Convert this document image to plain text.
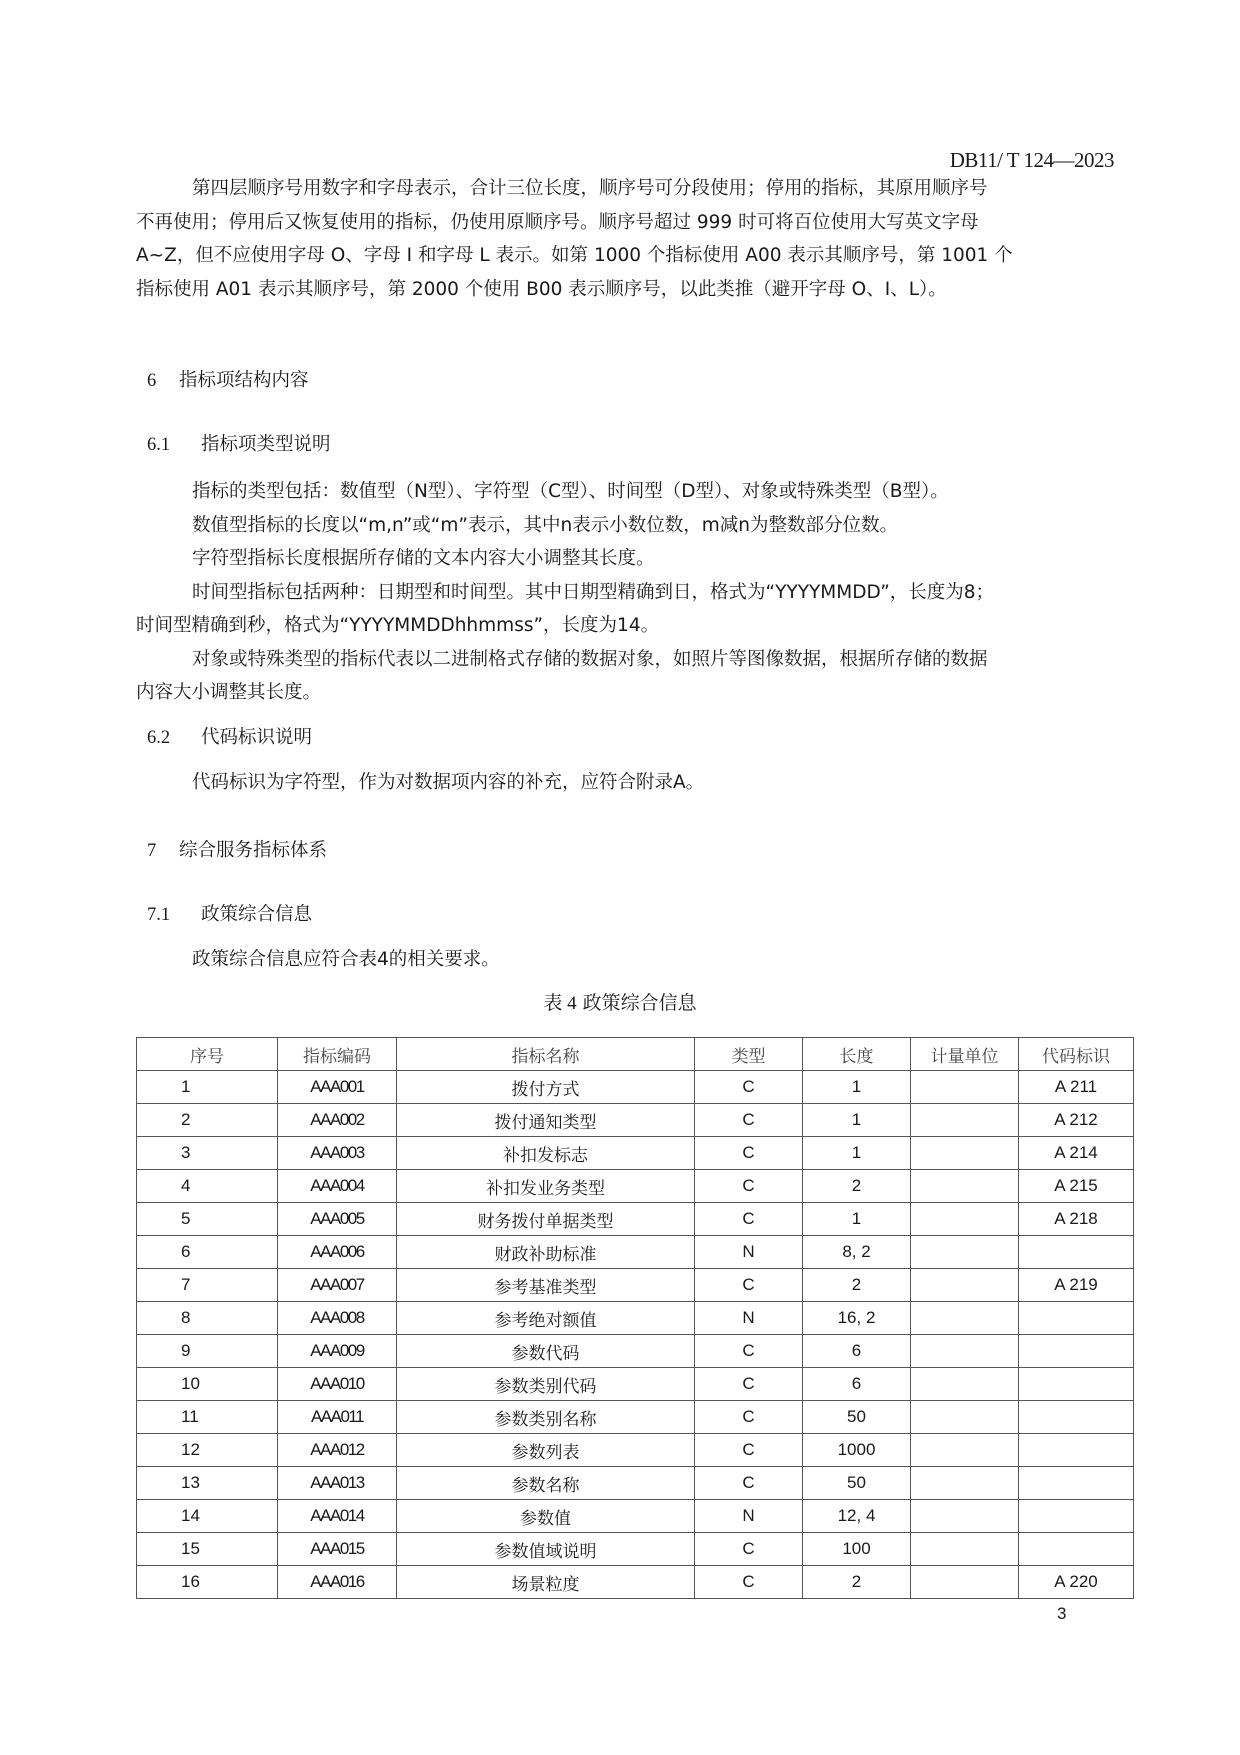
DB11/ T 124—2023
第四层顺序号用数字和字母表示，合计三位长度，顺序号可分段使用；停用的指标，其原用顺序号
不再使用；停用后又恢复使用的指标，仍使用原顺序号。顺序号超过 999 时可将百位使用大写英文字母
A~Z，但不应使用字母 O、字母 I 和字母 L 表示。如第 1000 个指标使用 A00 表示其顺序号，第 1001 个
指标使用 A01 表示其顺序号，第 2000 个使用 B00 表示顺序号，以此类推（避开字母 O、I、L）。
6 指标项结构内容
6.1 指标项类型说明
指标的类型包括：数值型（N型）、字符型（C型）、时间型（D型）、对象或特殊类型（B型）。
数值型指标的长度以“m,n”或“m”表示，其中n表示小数位数，m减n为整数部分位数。
字符型指标长度根据所存储的文本内容大小调整其长度。
时间型指标包括两种：日期型和时间型。其中日期型精确到日，格式为“YYYYMMDD”，长度为8；
时间型精确到秒，格式为“YYYYMMDDhhmmss”，长度为14。
对象或特殊类型的指标代表以二进制格式存储的数据对象，如照片等图像数据，根据所存储的数据
内容大小调整其长度。
6.2 代码标识说明
代码标识为字符型，作为对数据项内容的补充，应符合附录A。
7 综合服务指标体系
7.1 政策综合信息
政策综合信息应符合表4的相关要求。
表 4 政策综合信息
序号	指标编码	指标名称	类型	长度	计量单位	代码标识
1	AAA001	拨付方式	C	1		A 211
2	AAA002	拨付通知类型	C	1		A 212
3	AAA003	补扣发标志	C	1		A 214
4	AAA004	补扣发业务类型	C	2		A 215
5	AAA005	财务拨付单据类型	C	1		A 218
6	AAA006	财政补助标准	N	8, 2		
7	AAA007	参考基准类型	C	2		A 219
8	AAA008	参考绝对额值	N	16, 2		
9	AAA009	参数代码	C	6		
10	AAA010	参数类别代码	C	6		
11	AAA011	参数类别名称	C	50		
12	AAA012	参数列表	C	1000		
13	AAA013	参数名称	C	50		
14	AAA014	参数值	N	12, 4		
15	AAA015	参数值域说明	C	100		
16	AAA016	场景粒度	C	2		A 220
3
